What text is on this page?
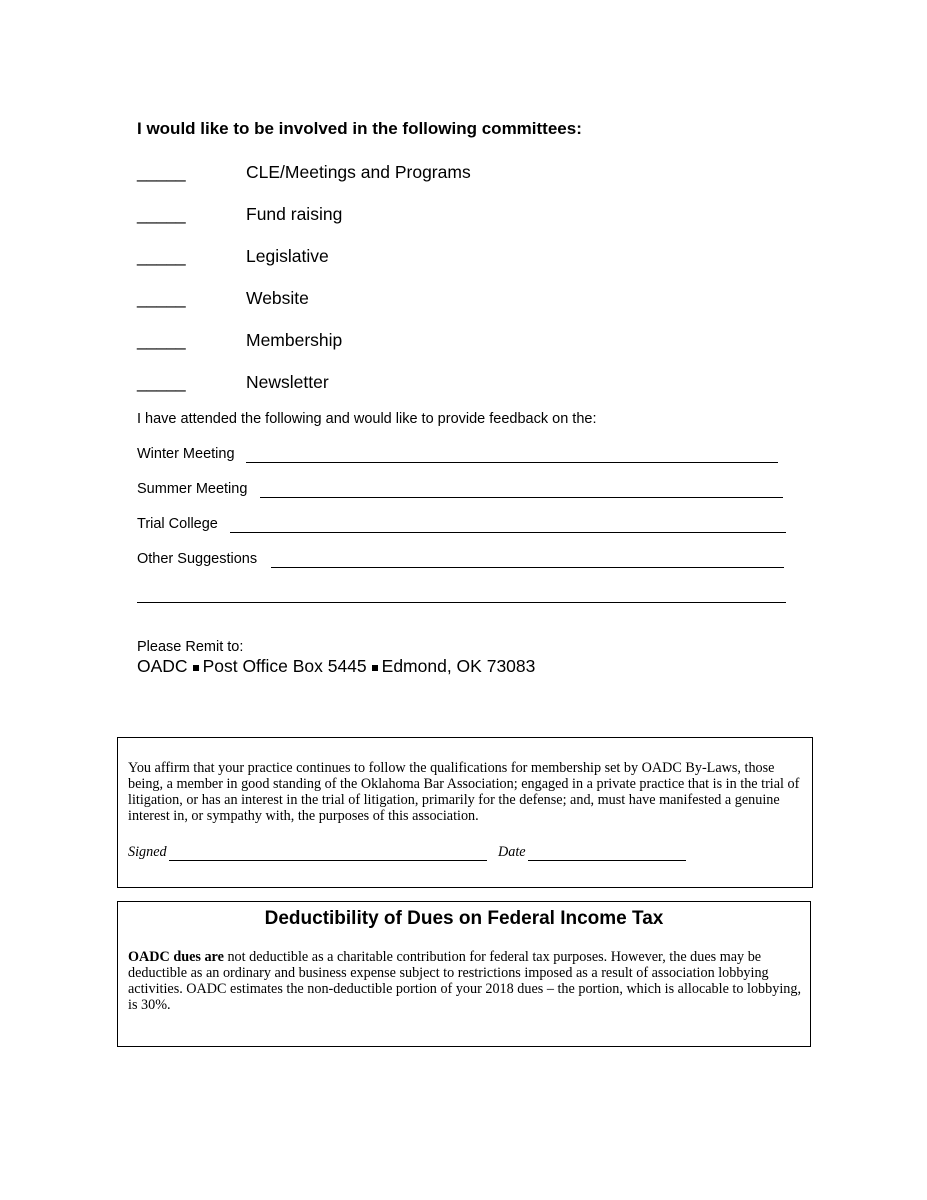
I would like to be involved in the following committees:
_____	CLE/Meetings and Programs
_____	Fund raising
_____	Legislative
_____	Website
_____	Membership
_____	Newsletter
I have attended the following and would like to provide feedback on the:
Winter Meeting
Summer Meeting
Trial College
Other Suggestions
Please Remit to:
OADC Post Office Box 5445 Edmond, OK 73083
You affirm that your practice continues to follow the qualifications for membership set by OADC By-Laws, those being, a member in good standing of the Oklahoma Bar Association; engaged in a private practice that is in the trial of litigation, or has an interest in the trial of litigation, primarily for the defense; and, must have manifested a genuine interest in, or sympathy with, the purposes of this association.
Signed	Date
Deductibility of Dues on Federal Income Tax
OADC dues are not deductible as a charitable contribution for federal tax purposes. However, the dues may be deductible as an ordinary and business expense subject to restrictions imposed as a result of association lobbying activities. OADC estimates the non-deductible portion of your 2018 dues – the portion, which is allocable to lobbying, is 30%.
